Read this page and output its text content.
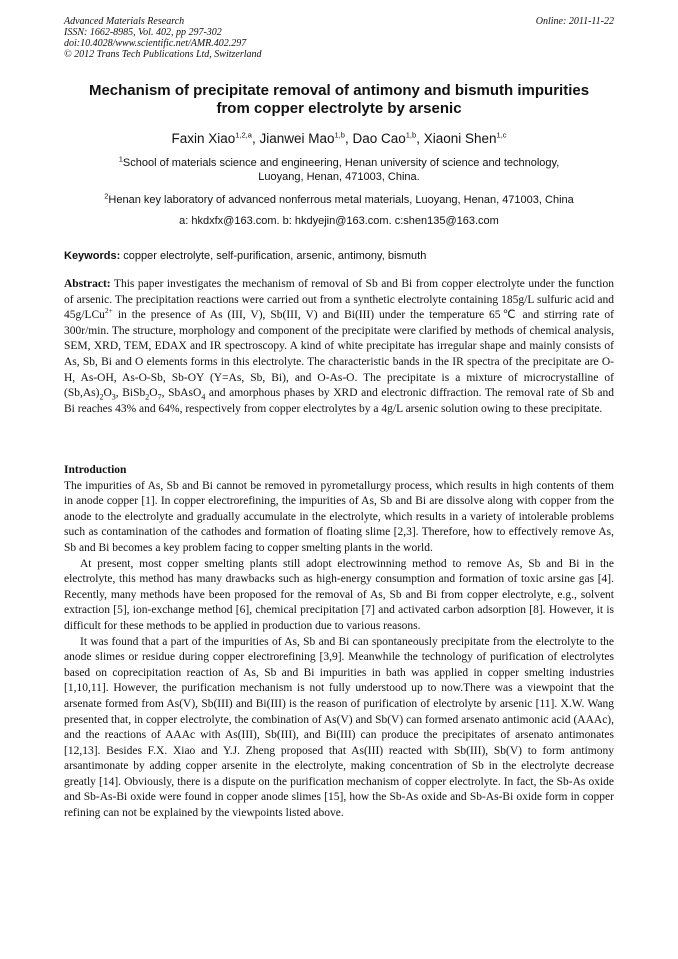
Advanced Materials Research
ISSN: 1662-8985, Vol. 402, pp 297-302
doi:10.4028/www.scientific.net/AMR.402.297
© 2012 Trans Tech Publications Ltd, Switzerland
Online: 2011-11-22
Mechanism of precipitate removal of antimony and bismuth impurities
from copper electrolyte by arsenic
Faxin Xiao$^{1,2,a}$, Jianwei Mao$^{1,b}$, Dao Cao$^{1,b}$, Xiaoni Shen$^{1,c}$
$^1$School of materials science and engineering, Henan university of science and technology,
Luoyang, Henan, 471003, China.
$^2$Henan key laboratory of advanced nonferrous metal materials, Luoyang, Henan, 471003, China
a: hkdxfx@163.com. b: hkdyejin@163.com. c:shen135@163.com
Keywords: copper electrolyte, self-purification, arsenic, antimony, bismuth

Abstract: This paper investigates the mechanism of removal of Sb and Bi from copper electrolyte under the function of arsenic. The precipitation reactions were carried out from a synthetic electrolyte containing 185g/L sulfuric acid and 45g/LCu$^{2+}$ in the presence of As (III, V), Sb(III, V) and Bi(III) under the temperature 65℃ and stirring rate of 300r/min. The structure, morphology and component of the precipitate were clarified by methods of chemical analysis, SEM, XRD, TEM, EDAX and IR spectroscopy. A kind of white precipitate has irregular shape and mainly consists of As, Sb, Bi and O elements forms in this electrolyte. The characteristic bands in the IR spectra of the precipitate are O-H, As-OH, As-O-Sb, Sb-OY (Y=As, Sb, Bi), and O-As-O. The precipitate is a mixture of microcrystalline of $(Sb,As)_2O_3$, $BiSb_2O_7$, SbAsO$_4$ and amorphous phases by XRD and electronic diffraction. The removal rate of Sb and Bi reaches 43% and 64%, respectively from copper electrolytes by a 4g/L arsenic solution owing to these precipitate.

Introduction

The impurities of As, Sb and Bi cannot be removed in pyrometallurgy process, which results in high contents of them in anode copper [1]. In copper electrorefining, the impurities of As, Sb and Bi are dissolve along with copper from the anode to the electrolyte and gradually accumulate in the electrolyte, which results in a variety of intolerable problems such as contamination of the cathodes and formation of floating slime [2,3]. Therefore, how to effectively remove As, Sb and Bi becomes a key problem facing to copper smelting plants in the world.

At present, most copper smelting plants still adopt electrowinning method to remove As, Sb and Bi in the electrolyte, this method has many drawbacks such as high-energy consumption and formation of toxic arsine gas [4]. Recently, many methods have been proposed for the removal of As, Sb and Bi from copper electrolyte, e.g., solvent extraction [5], ion-exchange method [6], chemical precipitation [7] and activated carbon adsorption [8]. However, it is difficult for these methods to be applied in production due to various reasons.

It was found that a part of the impurities of As, Sb and Bi can spontaneously precipitate from the electrolyte to the anode slimes or residue during copper electrorefining [3,9]. Meanwhile the technology of purification of electrolytes based on coprecipitation reaction of As, Sb and Bi impurities in bath was applied in copper smelting industries [1,10,11]. However, the purification mechanism is not fully understood up to now.There was a viewpoint that the arsenate formed from As(V), Sb(III) and Bi(III) is the reason of purification of electrolyte by arsenic [11]. X.W. Wang presented that, in copper electrolyte, the combination of As(V) and Sb(V) can formed arsenato antimonic acid (AAAc), and the reactions of AAAc with As(III), Sb(III), and Bi(III) can produce the precipitates of arsenato antimonates [12,13]. Besides F.X. Xiao and Y.J. Zheng proposed that As(III) reacted with Sb(III), Sb(V) to form antimony arsantimonate by adding copper arsenite in the electrolyte, making concentration of Sb in the electrolyte decrease greatly [14]. Obviously, there is a dispute on the purification mechanism of copper electrolyte. In fact, the Sb-As oxide and Sb-As-Bi oxide were found in copper anode slimes [15], how the Sb-As oxide and Sb-As-Bi oxide form in copper refining can not be explained by the viewpoints listed above.
